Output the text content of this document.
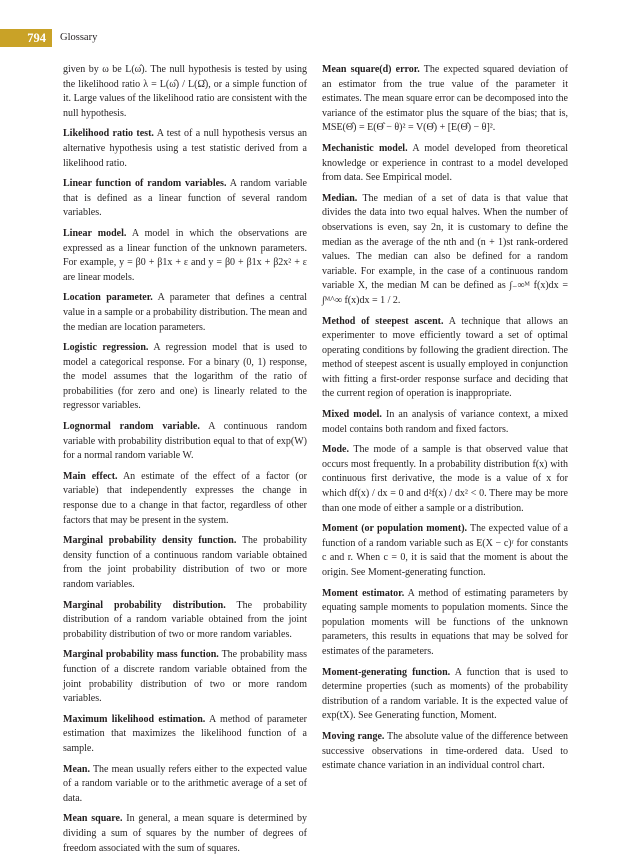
794	Glossary

given by ω be L(ω̂). The null hypothesis is tested by using the likelihood ratio λ = L(ω̂) / L(Ω̂), or a simple function of it. Large values of the likelihood ratio are consistent with the null hypothesis.

Likelihood ratio test. A test of a null hypothesis versus an alternative hypothesis using a test statistic derived from a likelihood ratio.

Linear function of random variables. A random variable that is defined as a linear function of several random variables.

Linear model. A model in which the observations are expressed as a linear function of the unknown parameters. For example, y = β0 + β1x + ε and y = β0 + β1x + β2x² + ε are linear models.

Location parameter. A parameter that defines a central value in a sample or a probability distribution. The mean and the median are location parameters.

Logistic regression. A regression model that is used to model a categorical response. For a binary (0, 1) response, the model assumes that the logarithm of the ratio of probabilities (for zero and one) is linearly related to the regressor variables.

Lognormal random variable. A continuous random variable with probability distribution equal to that of exp(W) for a normal random variable W.

Main effect. An estimate of the effect of a factor (or variable) that independently expresses the change in response due to a change in that factor, regardless of other factors that may be present in the system.

Marginal probability density function. The probability density function of a continuous random variable obtained from the joint probability distribution of two or more random variables.

Marginal probability distribution. The probability distribution of a random variable obtained from the joint probability distribution of two or more random variables.

Marginal probability mass function. The probability mass function of a discrete random variable obtained from the joint probability distribution of two or more random variables.

Maximum likelihood estimation. A method of parameter estimation that maximizes the likelihood function of a sample.

Mean. The mean usually refers either to the expected value of a random variable or to the arithmetic average of a set of data.

Mean square. In general, a mean square is determined by dividing a sum of squares by the number of degrees of freedom associated with the sum of squares.

Mean square(d) error. The expected squared deviation of an estimator from the true value of the parameter it estimates. The mean square error can be decomposed into the variance of the estimator plus the square of the bias; that is, MSE(Θ̂) = E(Θ̂ − θ)² = V(Θ̂) + [E(Θ̂) − θ]².

Mechanistic model. A model developed from theoretical knowledge or experience in contrast to a model developed from data. See Empirical model.

Median. The median of a set of data is that value that divides the data into two equal halves. When the number of observations is even, say 2n, it is customary to define the median as the average of the nth and (n + 1)st rank-ordered values. The median can also be defined for a random variable. For example, in the case of a continuous random variable X, the median M can be defined as ∫₋∞ᴹ f(x)dx = ∫ᴹ^∞ f(x)dx = 1 / 2.

Method of steepest ascent. A technique that allows an experimenter to move efficiently toward a set of optimal operating conditions by following the gradient direction. The method of steepest ascent is usually employed in conjunction with fitting a first-order response surface and deciding that the current region of operation is inappropriate.

Mixed model. In an analysis of variance context, a mixed model contains both random and fixed factors.

Mode. The mode of a sample is that observed value that occurs most frequently. In a probability distribution f(x) with continuous first derivative, the mode is a value of x for which df(x) / dx = 0 and d²f(x) / dx² < 0. There may be more than one mode of either a sample or a distribution.

Moment (or population moment). The expected value of a function of a random variable such as E(X − c)ʳ for constants c and r. When c = 0, it is said that the moment is about the origin. See Moment-generating function.

Moment estimator. A method of estimating parameters by equating sample moments to population moments. Since the population moments will be functions of the unknown parameters, this results in equations that may be solved for estimates of the parameters.

Moment-generating function. A function that is used to determine properties (such as moments) of the probability distribution of a random variable. It is the expected value of exp(tX). See Generating function, Moment.

Moving range. The absolute value of the difference between successive observations in time-ordered data. Used to estimate chance variation in an individual control chart.
